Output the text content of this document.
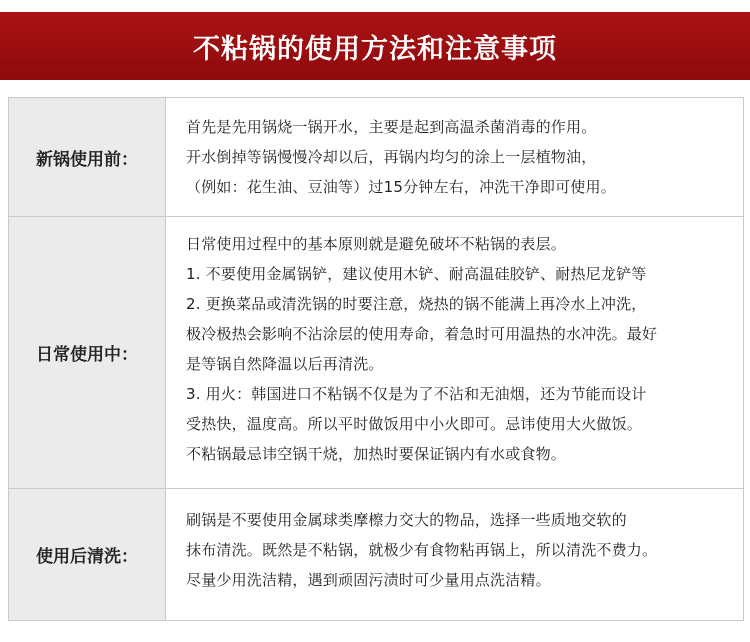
不粘锅的使用方法和注意事项
新锅使用前：
首先是先用锅烧一锅开水，主要是起到高温杀菌消毒的作用。
开水倒掉等锅慢慢冷却以后，再锅内均匀的涂上一层植物油，
（例如：花生油、豆油等）过15分钟左右，冲洗干净即可使用。
日常使用中：
日常使用过程中的基本原则就是避免破坏不粘锅的表层。
1. 不要使用金属锅铲，建议使用木铲、耐高温硅胶铲、耐热尼龙铲等
2. 更换菜品或清洗锅的时要注意，烧热的锅不能满上再冷水上冲洗，
极冷极热会影响不沾涂层的使用寿命，着急时可用温热的水冲洗。最好
是等锅自然降温以后再清洗。
3. 用火：韩国进口不粘锅不仅是为了不沾和无油烟，还为节能而设计
受热快，温度高。所以平时做饭用中小火即可。忌讳使用大火做饭。
不粘锅最忌讳空锅干烧，加热时要保证锅内有水或食物。
使用后清洗：
刷锅是不要使用金属球类摩檫力交大的物品，选择一些质地交软的
抹布清洗。既然是不粘锅，就极少有食物粘再锅上，所以清洗不费力。
尽量少用洗洁精，遇到顽固污渍时可少量用点洗洁精。
